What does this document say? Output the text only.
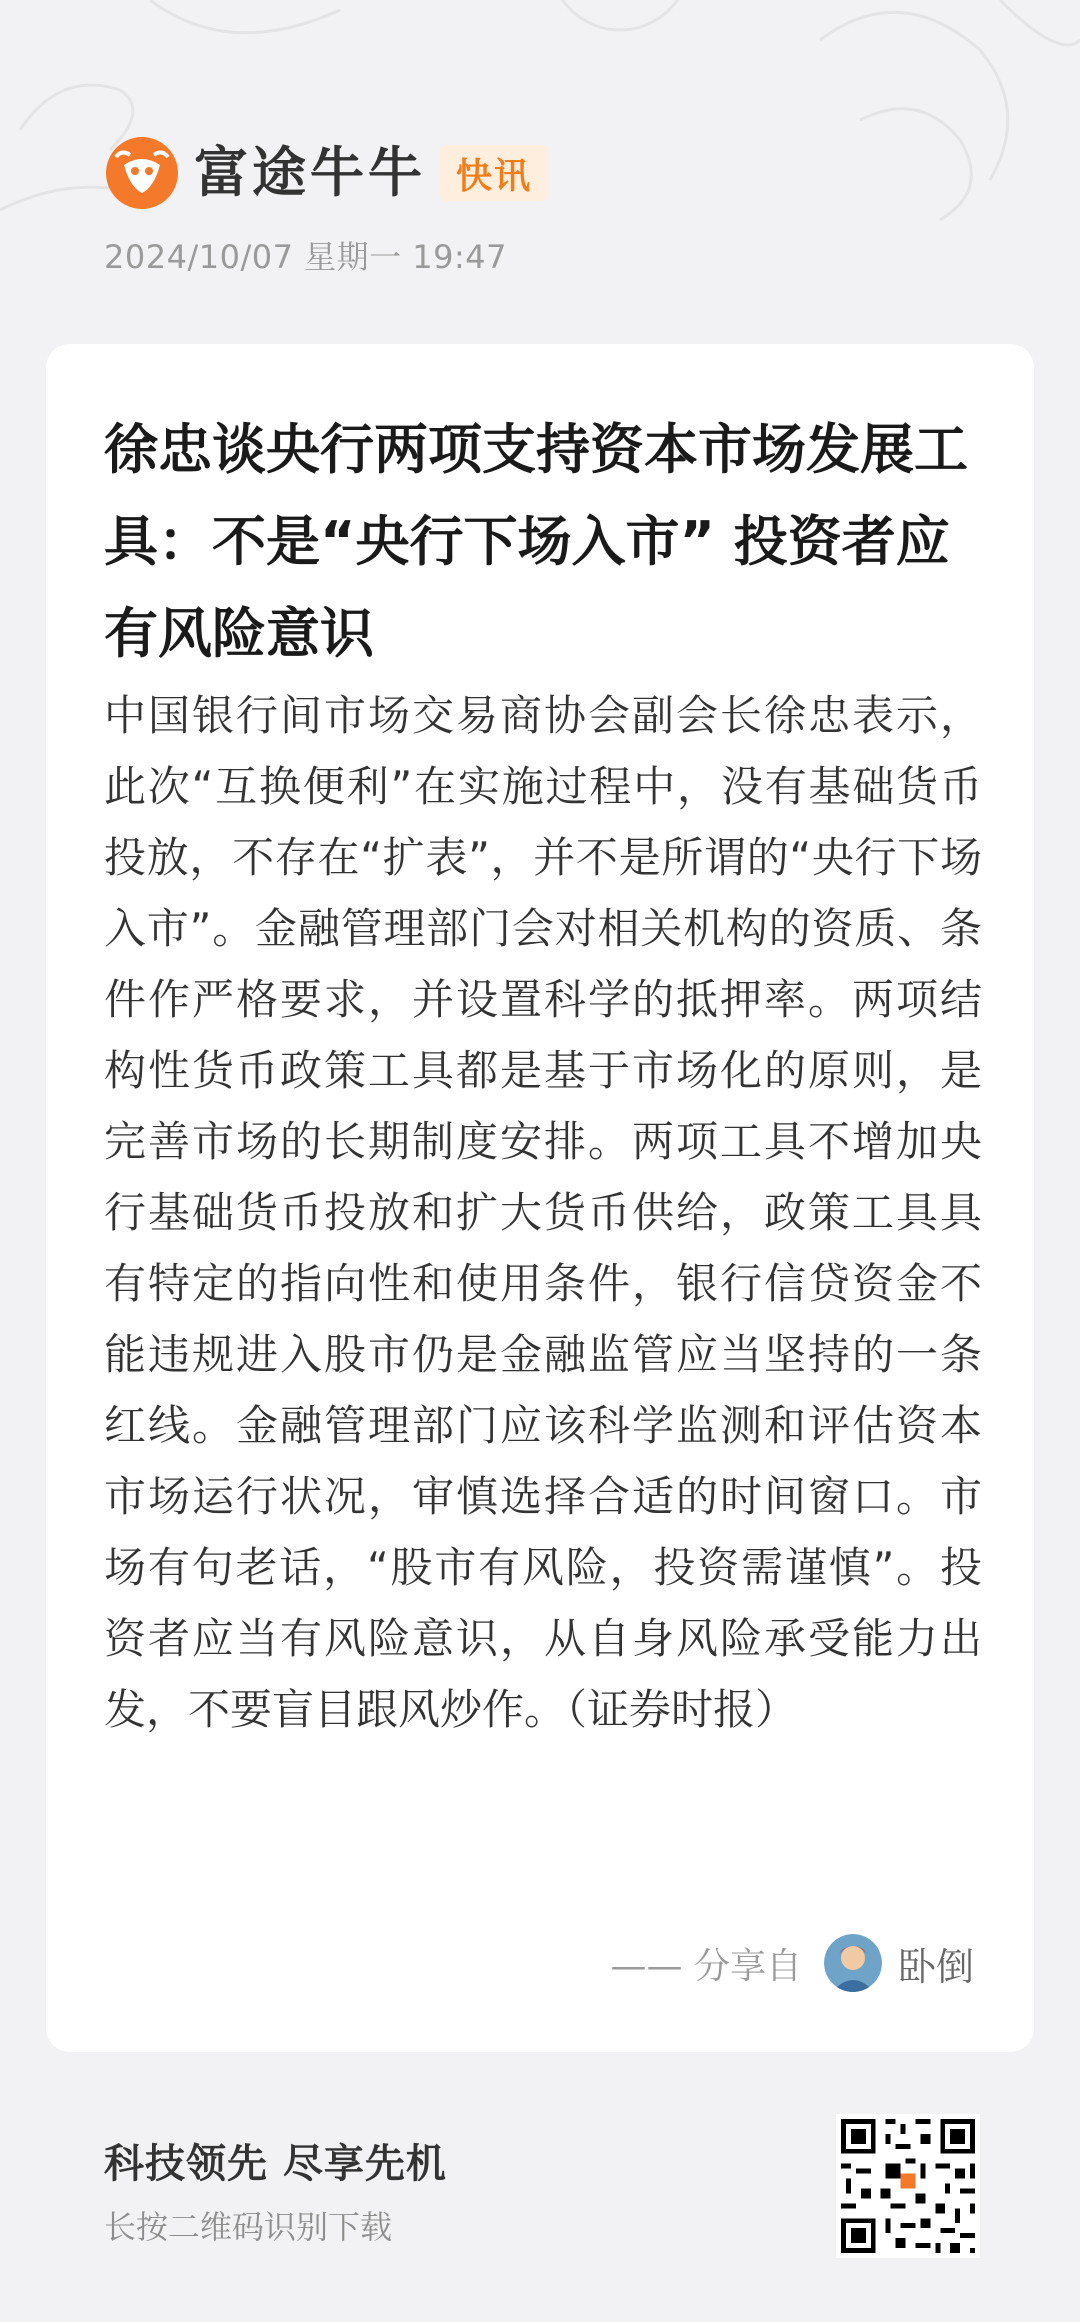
富途牛牛 快讯
2024/10/07 星期一 19:47
徐忠谈央行两项支持资本市场发展工具：不是“央行下场入市” 投资者应有风险意识

中国银行间市场交易商协会副会长徐忠表示，此次“互换便利”在实施过程中，没有基础货币投放，不存在“扩表”，并不是所谓的“央行下场入市”。金融管理部门会对相关机构的资质、条件作严格要求，并设置科学的抵押率。两项结构性货币政策工具都是基于市场化的原则，是完善市场的长期制度安排。两项工具不增加央行基础货币投放和扩大货币供给，政策工具具有特定的指向性和使用条件，银行信贷资金不能违规进入股市仍是金融监管应当坚持的一条红线。金融管理部门应该科学监测和评估资本市场运行状况，审慎选择合适的时间窗口。市场有句老话，“股市有风险，投资需谨慎”。投资者应当有风险意识，从自身风险承受能力出发，不要盲目跟风炒作。（证券时报）

—— 分享自	卧倒
科技领先 尽享先机
长按二维码识别下载
